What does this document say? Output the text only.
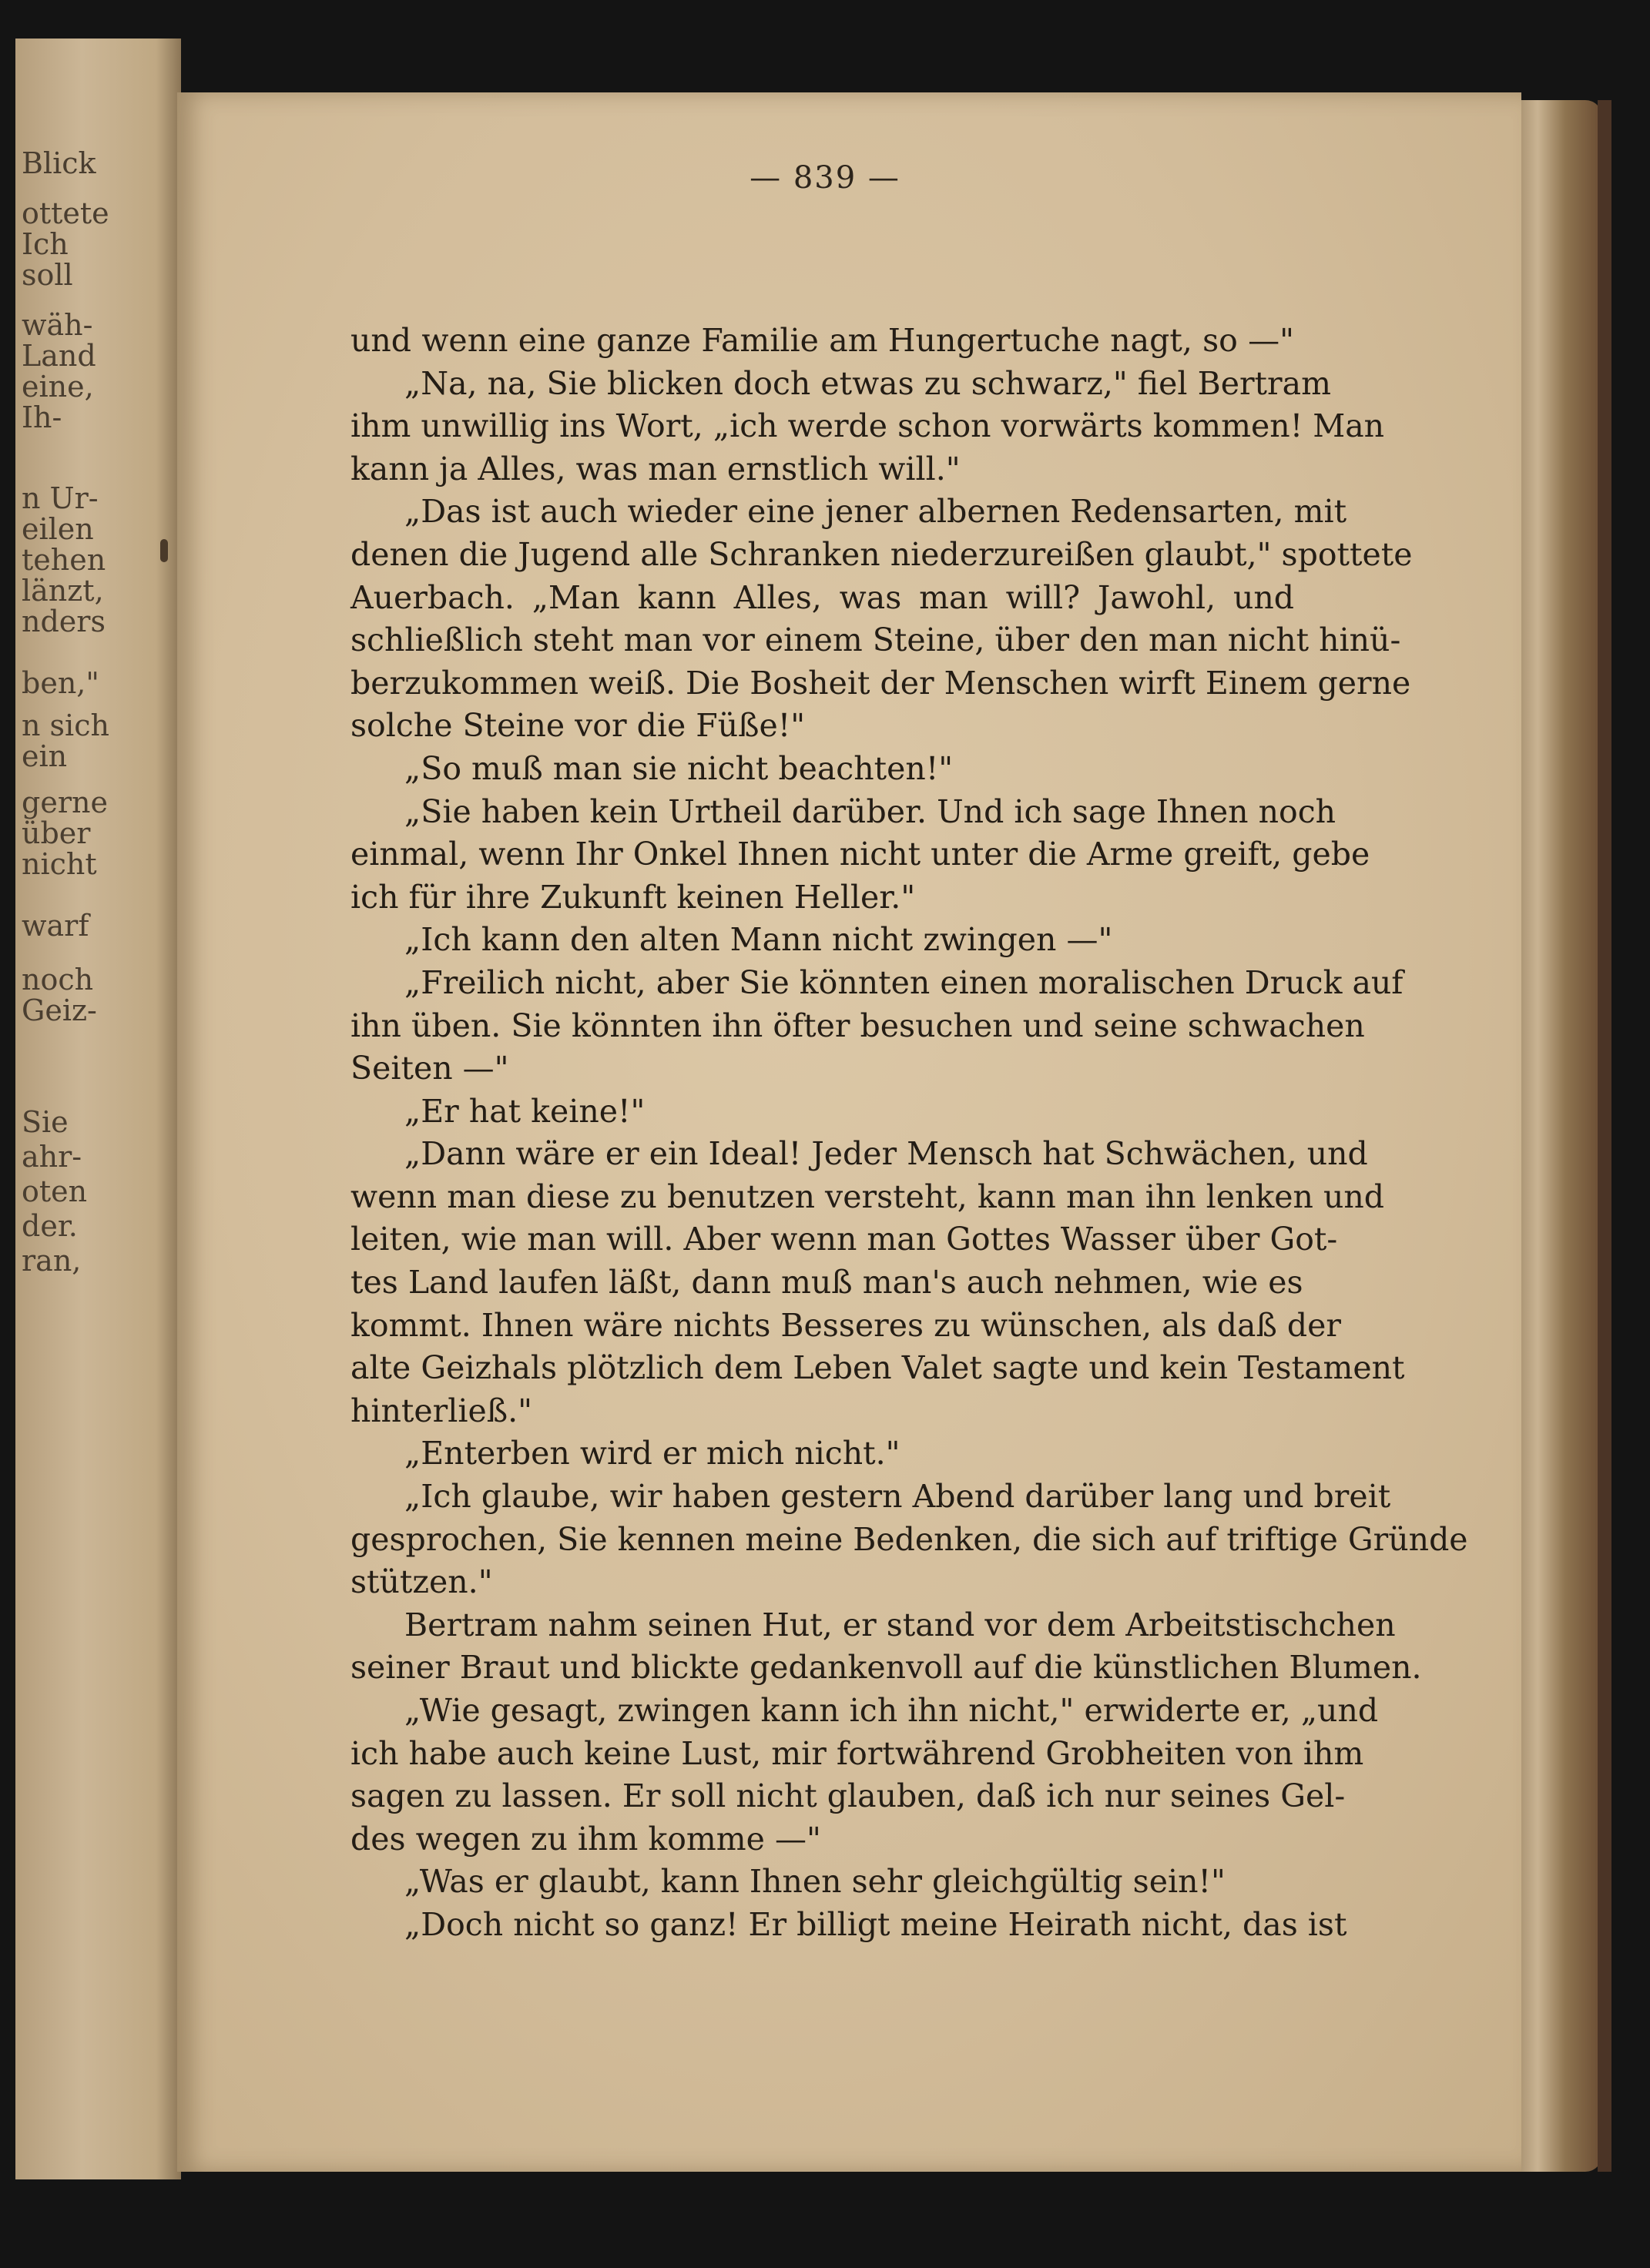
Blick
ottete
Ich
soll
wäh-
Land
eine,
Ih-
n Ur-
eilen
tehen
länzt,
nders
ben,"
n sich
ein
gerne
über
nicht
warf
noch
Geiz-
Sie
ahr-
oten
der.
ran,
— 839 —
und wenn eine ganze Familie am Hungertuche nagt, so —"
„Na, na, Sie blicken doch etwas zu schwarz," fiel Bertram
ihm unwillig ins Wort, „ich werde schon vorwärts kommen! Man
kann ja Alles, was man ernstlich will."
„Das ist auch wieder eine jener albernen Redensarten, mit
denen die Jugend alle Schranken niederzureißen glaubt," spottete
Auerbach. „Man kann Alles, was man will? Jawohl, und
schließlich steht man vor einem Steine, über den man nicht hinü-
berzukommen weiß. Die Bosheit der Menschen wirft Einem gerne
solche Steine vor die Füße!"
„So muß man sie nicht beachten!"
„Sie haben kein Urtheil darüber. Und ich sage Ihnen noch
einmal, wenn Ihr Onkel Ihnen nicht unter die Arme greift, gebe
ich für ihre Zukunft keinen Heller."
„Ich kann den alten Mann nicht zwingen —"
„Freilich nicht, aber Sie könnten einen moralischen Druck auf
ihn üben. Sie könnten ihn öfter besuchen und seine schwachen
Seiten —"
„Er hat keine!"
„Dann wäre er ein Ideal! Jeder Mensch hat Schwächen, und
wenn man diese zu benutzen versteht, kann man ihn lenken und
leiten, wie man will. Aber wenn man Gottes Wasser über Got-
tes Land laufen läßt, dann muß man's auch nehmen, wie es
kommt. Ihnen wäre nichts Besseres zu wünschen, als daß der
alte Geizhals plötzlich dem Leben Valet sagte und kein Testament
hinterließ."
„Enterben wird er mich nicht."
„Ich glaube, wir haben gestern Abend darüber lang und breit
gesprochen, Sie kennen meine Bedenken, die sich auf triftige Gründe
stützen."
Bertram nahm seinen Hut, er stand vor dem Arbeitstischchen
seiner Braut und blickte gedankenvoll auf die künstlichen Blumen.
„Wie gesagt, zwingen kann ich ihn nicht," erwiderte er, „und
ich habe auch keine Lust, mir fortwährend Grobheiten von ihm
sagen zu lassen. Er soll nicht glauben, daß ich nur seines Gel-
des wegen zu ihm komme —"
„Was er glaubt, kann Ihnen sehr gleichgültig sein!"
„Doch nicht so ganz! Er billigt meine Heirath nicht, das ist
